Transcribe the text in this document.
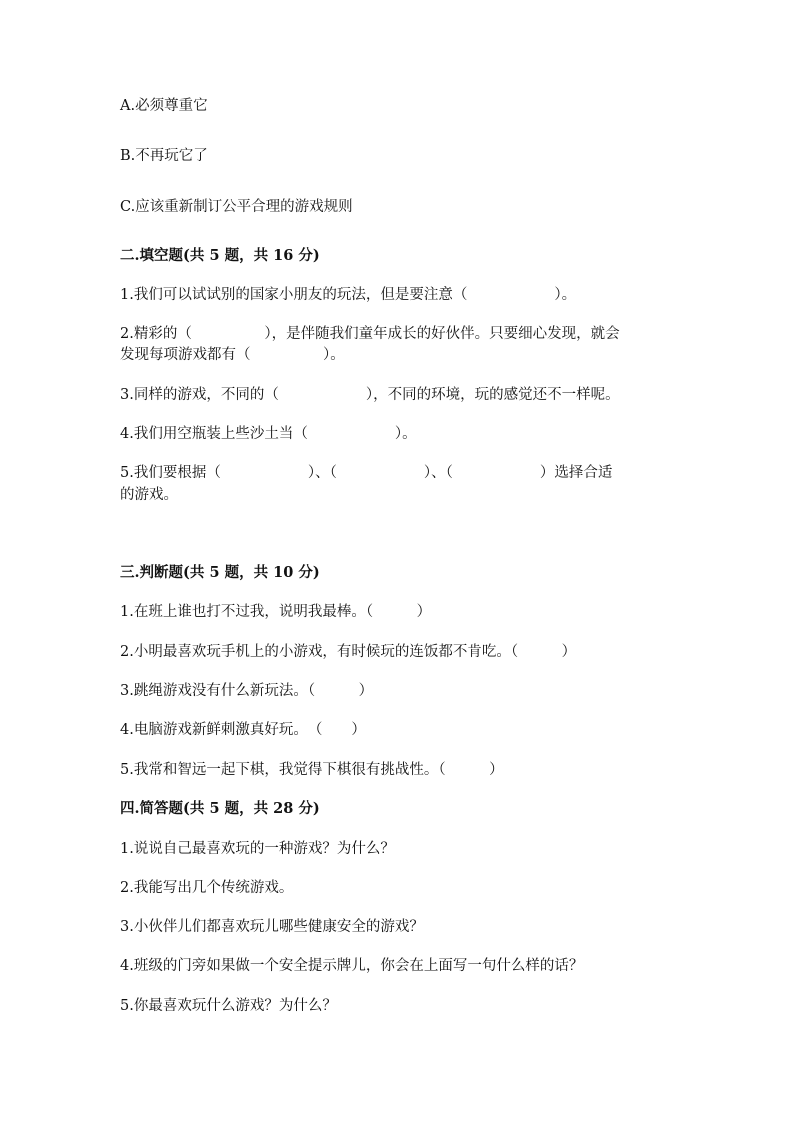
A.必须尊重它
B.不再玩它了
C.应该重新制订公平合理的游戏规则
二.填空题(共 5 题，共 16 分)
1.我们可以试试别的国家小朋友的玩法，但是要注意（　　　　　　）。
2.精彩的（　　　　　），是伴随我们童年成长的好伙伴。只要细心发现，就会
发现每项游戏都有（　　　　　）。
3.同样的游戏，不同的（　　　　　　），不同的环境，玩的感觉还不一样呢。
4.我们用空瓶装上些沙土当（　　　　　　）。
5.我们要根据（　　　　　　）、（　　　　　　）、（　　　　　　）选择合适
的游戏。
三.判断题(共 5 题，共 10 分)
1.在班上谁也打不过我，说明我最棒。（　　　）
2.小明最喜欢玩手机上的小游戏，有时候玩的连饭都不肯吃。（　　　）
3.跳绳游戏没有什么新玩法。（　　　）
4.电脑游戏新鲜刺激真好玩。　（　　）
5.我常和智远一起下棋，我觉得下棋很有挑战性。（　　　）
四.简答题(共 5 题，共 28 分)
1.说说自己最喜欢玩的一种游戏？为什么？
2.我能写出几个传统游戏。
3.小伙伴儿们都喜欢玩儿哪些健康安全的游戏？
4.班级的门旁如果做一个安全提示牌儿，你会在上面写一句什么样的话？
5.你最喜欢玩什么游戏？为什么？
